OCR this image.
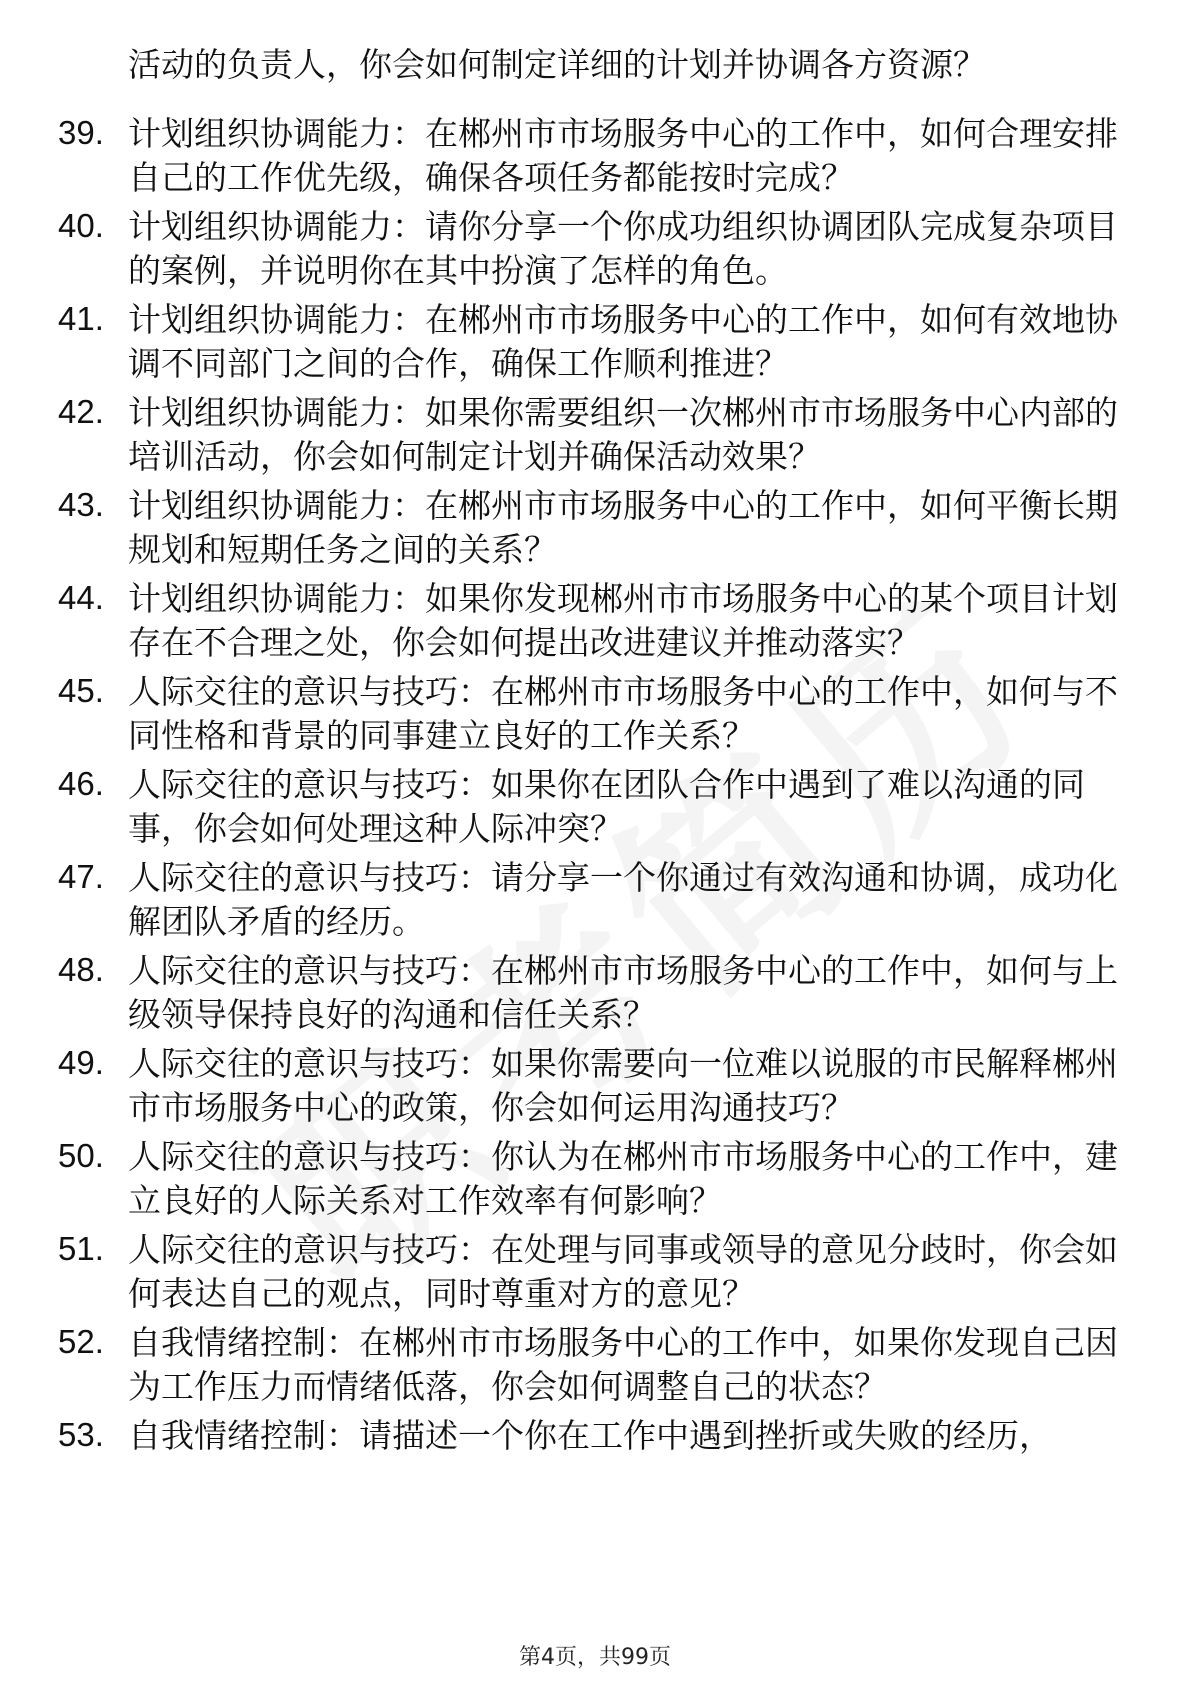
活动的负责人，你会如何制定详细的计划并协调各方资源？
39. 计划组织协调能力：在郴州市市场服务中心的工作中，如何合理安排自己的工作优先级，确保各项任务都能按时完成？
40. 计划组织协调能力：请你分享一个你成功组织协调团队完成复杂项目的案例，并说明你在其中扮演了怎样的角色。
41. 计划组织协调能力：在郴州市市场服务中心的工作中，如何有效地协调不同部门之间的合作，确保工作顺利推进？
42. 计划组织协调能力：如果你需要组织一次郴州市市场服务中心内部的培训活动，你会如何制定计划并确保活动效果？
43. 计划组织协调能力：在郴州市市场服务中心的工作中，如何平衡长期规划和短期任务之间的关系？
44. 计划组织协调能力：如果你发现郴州市市场服务中心的某个项目计划存在不合理之处，你会如何提出改进建议并推动落实？
45. 人际交往的意识与技巧：在郴州市市场服务中心的工作中，如何与不同性格和背景的同事建立良好的工作关系？
46. 人际交往的意识与技巧：如果你在团队合作中遇到了难以沟通的同事，你会如何处理这种人际冲突？
47. 人际交往的意识与技巧：请分享一个你通过有效沟通和协调，成功化解团队矛盾的经历。
48. 人际交往的意识与技巧：在郴州市市场服务中心的工作中，如何与上级领导保持良好的沟通和信任关系？
49. 人际交往的意识与技巧：如果你需要向一位难以说服的市民解释郴州市市场服务中心的政策，你会如何运用沟通技巧？
50. 人际交往的意识与技巧：你认为在郴州市市场服务中心的工作中，建立良好的人际关系对工作效率有何影响？
51. 人际交往的意识与技巧：在处理与同事或领导的意见分歧时，你会如何表达自己的观点，同时尊重对方的意见？
52. 自我情绪控制：在郴州市市场服务中心的工作中，如果你发现自己因为工作压力而情绪低落，你会如何调整自己的状态？
53. 自我情绪控制：请描述一个你在工作中遇到挫折或失败的经历，
第4页，共99页
